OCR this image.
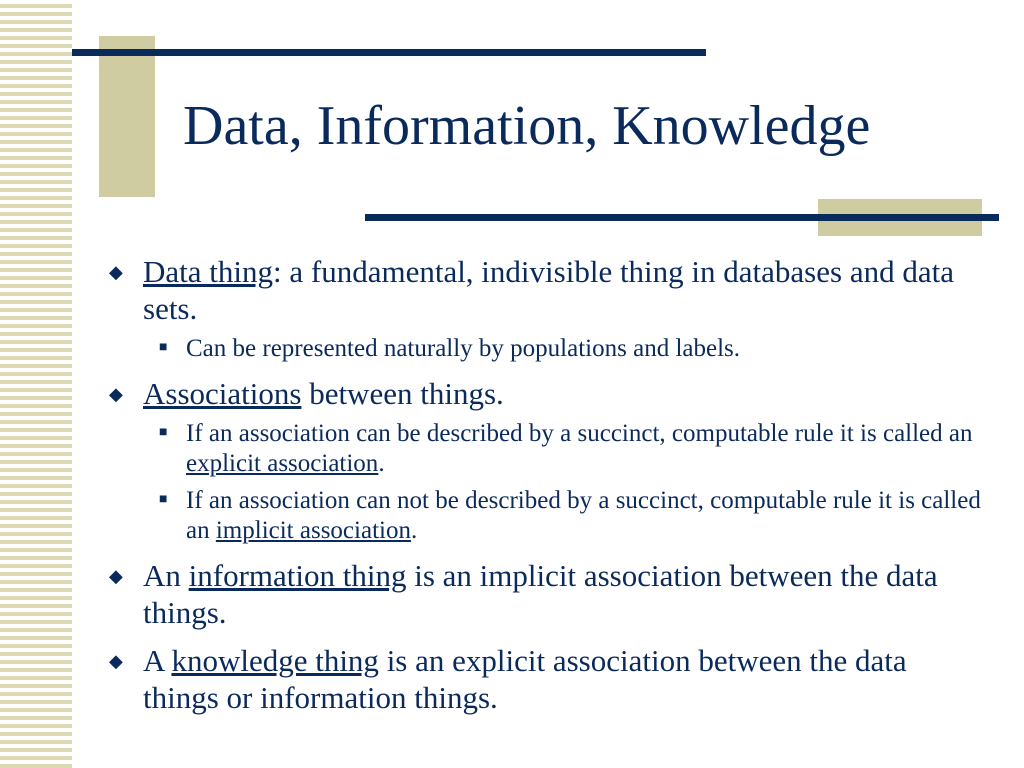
Data, Information, Knowledge
◆ Data thing: a fundamental, indivisible thing in databases and data sets.
■ Can be represented naturally by populations and labels.
◆ Associations between things.
■ If an association can be described by a succinct, computable rule it is called an explicit association.
■ If an association can not be described by a succinct, computable rule it is called an implicit association.
◆ An information thing is an implicit association between the data things.
◆ A knowledge thing is an explicit association between the data things or information things.
